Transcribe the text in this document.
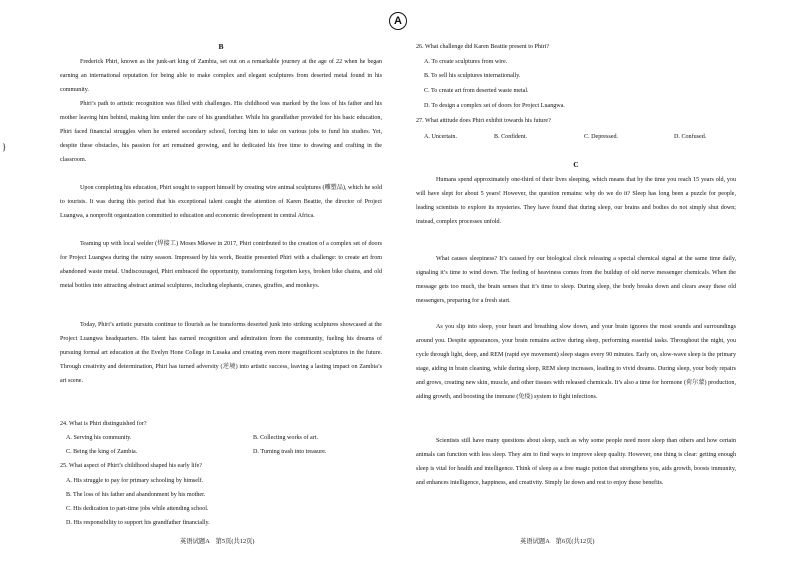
A
}
B

Frederick Phiri, known as the junk-art king of Zambia, set out on a remarkable journey at the age of 22 when he began earning an international reputation for being able to make complex and elegant sculptures from deserted metal found in his community.

Phiri’s path to artistic recognition was filled with challenges. His childhood was marked by the loss of his father and his mother leaving him behind, making him under the care of his grandfather. While his grandfather provided for his basic education, Phiri faced financial struggles when he entered secondary school, forcing him to take on various jobs to fund his studies. Yet, despite these obstacles, his passion for art remained growing, and he dedicated his free time to drawing and crafting in the classroom.

Upon completing his education, Phiri sought to support himself by creating wire animal sculptures (雕塑品), which he sold to tourists. It was during this period that his exceptional talent caught the attention of Karen Beattie, the director of Project Luangwa, a nonprofit organization committed to education and economic development in central Africa.

Teaming up with local welder (焊接工) Moses Mkewe in 2017, Phiri contributed to the creation of a complex set of doors for Project Luangwa during the rainy season. Impressed by his work, Beattie presented Phiri with a challenge: to create art from abandoned waste metal. Undiscouraged, Phiri embraced the opportunity, transforming forgotten keys, broken bike chains, and old metal bottles into attracting abstract animal sculptures, including elephants, cranes, giraffes, and monkeys.

Today, Phiri’s artistic pursuits continue to flourish as he transforms deserted junk into striking sculptures showcased at the Project Luangwa headquarters. His talent has earned recognition and admiration from the community, fueling his dreams of pursuing formal art education at the Evelyn Hone College in Lusaka and creating even more magnificent sculptures in the future. Through creativity and determination, Phiri has turned adversity (逆境) into artistic success, leaving a lasting impact on Zambia’s art scene.

24. What is Phiri distinguished for?

A. Serving his community.	B. Collecting works of art.
C. Being the king of Zambia.	D. Turning trash into treasure.

25. What aspect of Phiri’s childhood shaped his early life?

A. His struggle to pay for primary schooling by himself.
B. The loss of his father and abandonment by his mother.
C. His dedication to part-time jobs while attending school.
D. His responsibility to support his grandfather financially.
英语试题A　第5页(共12页)

26. What challenge did Karen Beattie present to Phiri?

A. To create sculptures from wire.
B. To sell his sculptures internationally.
C. To create art from deserted waste metal.
D. To design a complex set of doors for Project Luangwa.

27. What attitude does Phiri exhibit towards his future?

A. Uncertain.	B. Confident.	C. Depressed.	D. Confused.
C

Humans spend approximately one-third of their lives sleeping, which means that by the time you reach 15 years old, you will have slept for about 5 years! However, the question remains: why do we do it? Sleep has long been a puzzle for people, leading scientists to explore its mysteries. They have found that during sleep, our brains and bodies do not simply shut down; instead, complex processes unfold.

What causes sleepiness? It’s caused by our biological clock releasing a special chemical signal at the same time daily, signaling it’s time to wind down. The feeling of heaviness comes from the buildup of old nerve messenger chemicals. When the message gets too much, the brain senses that it’s time to sleep. During sleep, the body breaks down and clears away these old messengers, preparing for a fresh start.

As you slip into sleep, your heart and breathing slow down, and your brain ignores the most sounds and surroundings around you. Despite appearances, your brain remains active during sleep, performing essential tasks. Throughout the night, you cycle through light, deep, and REM (rapid eye movement) sleep stages every 90 minutes. Early on, slow-wave sleep is the primary stage, aiding in brain cleaning, while during sleep, REM sleep increases, leading to vivid dreams. During sleep, your body repairs and grows, creating new skin, muscle, and other tissues with released chemicals. It’s also a time for hormone (荷尔蒙) production, aiding growth, and boosting the immune (免疫) system to fight infections.

Scientists still have many questions about sleep, such as why some people need more sleep than others and how certain animals can function with less sleep. They aim to find ways to improve sleep quality. However, one thing is clear: getting enough sleep is vital for health and intelligence. Think of sleep as a free magic potion that strengthens you, aids growth, boosts immunity, and enhances intelligence, happiness, and creativity. Simply lie down and rest to enjoy these benefits.

英语试题A　第6页(共12页)
